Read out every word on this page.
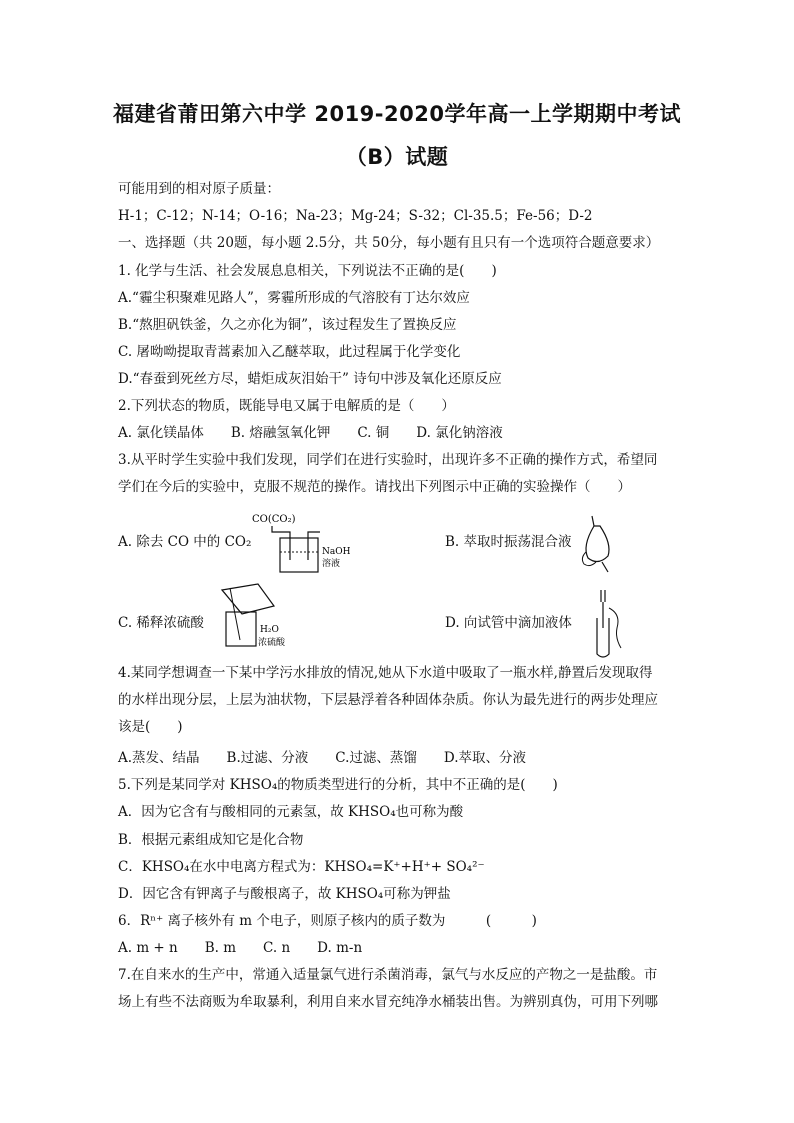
福建省莆田第六中学 2019-2020学年高一上学期期中考试
（B）试题
可能用到的相对原子质量：
H-1；C-12；N-14；O-16；Na-23；Mg-24；S-32；Cl-35.5；Fe-56；D-2
一、选择题（共 20题，每小题 2.5分，共 50分，每小题有且只有一个选项符合题意要求）
1. 化学与生活、社会发展息息相关，下列说法不正确的是(　　)
A.“霾尘积聚难见路人”，雾霾所形成的气溶胶有丁达尔效应
B.“熬胆矾铁釜，久之亦化为铜”，该过程发生了置换反应
C. 屠呦呦提取青蒿素加入乙醚萃取，此过程属于化学变化
D.“春蚕到死丝方尽，蜡炬成灰泪始干” 诗句中涉及氧化还原反应
2.下列状态的物质，既能导电又属于电解质的是（　　）
A. 氯化镁晶体　　B. 熔融氢氧化钾　　C. 铜　　D. 氯化钠溶液
3.从平时学生实验中我们发现，同学们在进行实验时，出现许多不正确的操作方式，希望同
学们在今后的实验中，克服不规范的操作。请找出下列图示中正确的实验操作（　　）
A. 除去 CO 中的 CO₂
CO(CO₂)
NaOH
溶液
B. 萃取时振荡混合液
C. 稀释浓硫酸	H₂O
浓硫酸
D. 向试管中滴加液体
4.某同学想调查一下某中学污水排放的情况,她从下水道中吸取了一瓶水样,静置后发现取得
的水样出现分层，上层为油状物，下层悬浮着各种固体杂质。你认为最先进行的两步处理应
该是(　　)
A.蒸发、结晶　　B.过滤、分液　　C.过滤、蒸馏　　D.萃取、分液
5.下列是某同学对 KHSO₄的物质类型进行的分析，其中不正确的是(　　)
A．因为它含有与酸相同的元素氢，故 KHSO₄也可称为酸
B．根据元素组成知它是化合物
C．KHSO₄在水中电离方程式为：KHSO₄=K⁺+H⁺+ SO₄²⁻
D．因它含有钾离子与酸根离子，故 KHSO₄可称为钾盐
6．Rⁿ⁺ 离子核外有 m 个电子，则原子核内的质子数为　　　(　　　)
A. m + n　　B. m　　C. n　　D. m-n
7.在自来水的生产中，常通入适量氯气进行杀菌消毒，氯气与水反应的产物之一是盐酸。市
场上有些不法商贩为牟取暴利，利用自来水冒充纯净水桶装出售。为辨别真伪，可用下列哪
